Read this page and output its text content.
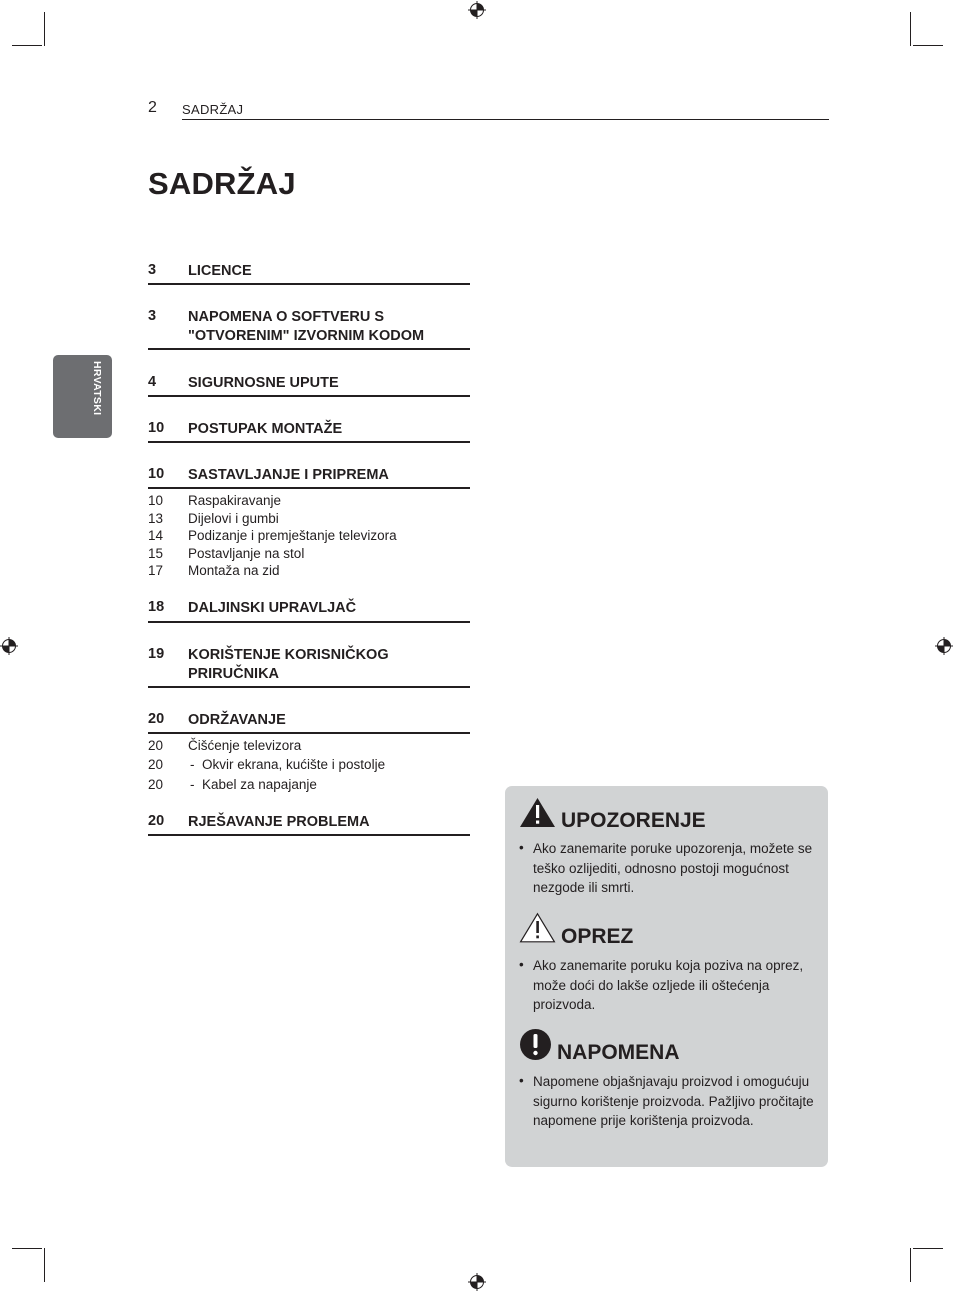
2 SADRŽAJ
SADRŽAJ
HRVATSKI
3 LICENCE
3 NAPOMENA O SOFTVERU S "OTVORENIM" IZVORNIM KODOM
4 SIGURNOSNE UPUTE
10 POSTUPAK MONTAŽE
10 SASTAVLJANJE I PRIPREMA
10 Raspakiravanje
13 Dijelovi i gumbi
14 Podizanje i premještanje televizora
15 Postavljanje na stol
17 Montaža na zid
18 DALJINSKI UPRAVLJAČ
19 KORIŠTENJE KORISNIČKOG PRIRUČNIKA
20 ODRŽAVANJE
20 Čišćenje televizora
20 - Okvir ekrana, kućište i postolje
20 - Kabel za napajanje
20 RJEŠAVANJE PROBLEMA	UPOZORENJE
• Ako zanemarite poruke upozorenja, možete se teško ozlijediti, odnosno postoji mogućnost nezgode ili smrti.
OPREZ
• Ako zanemarite poruku koja poziva na oprez, može doći do lakše ozljede ili oštećenja proizvoda.
NAPOMENA
• Napomene objašnjavaju proizvod i omogućuju sigurno korištenje proizvoda. Pažljivo pročitajte napomene prije korištenja proizvoda.
